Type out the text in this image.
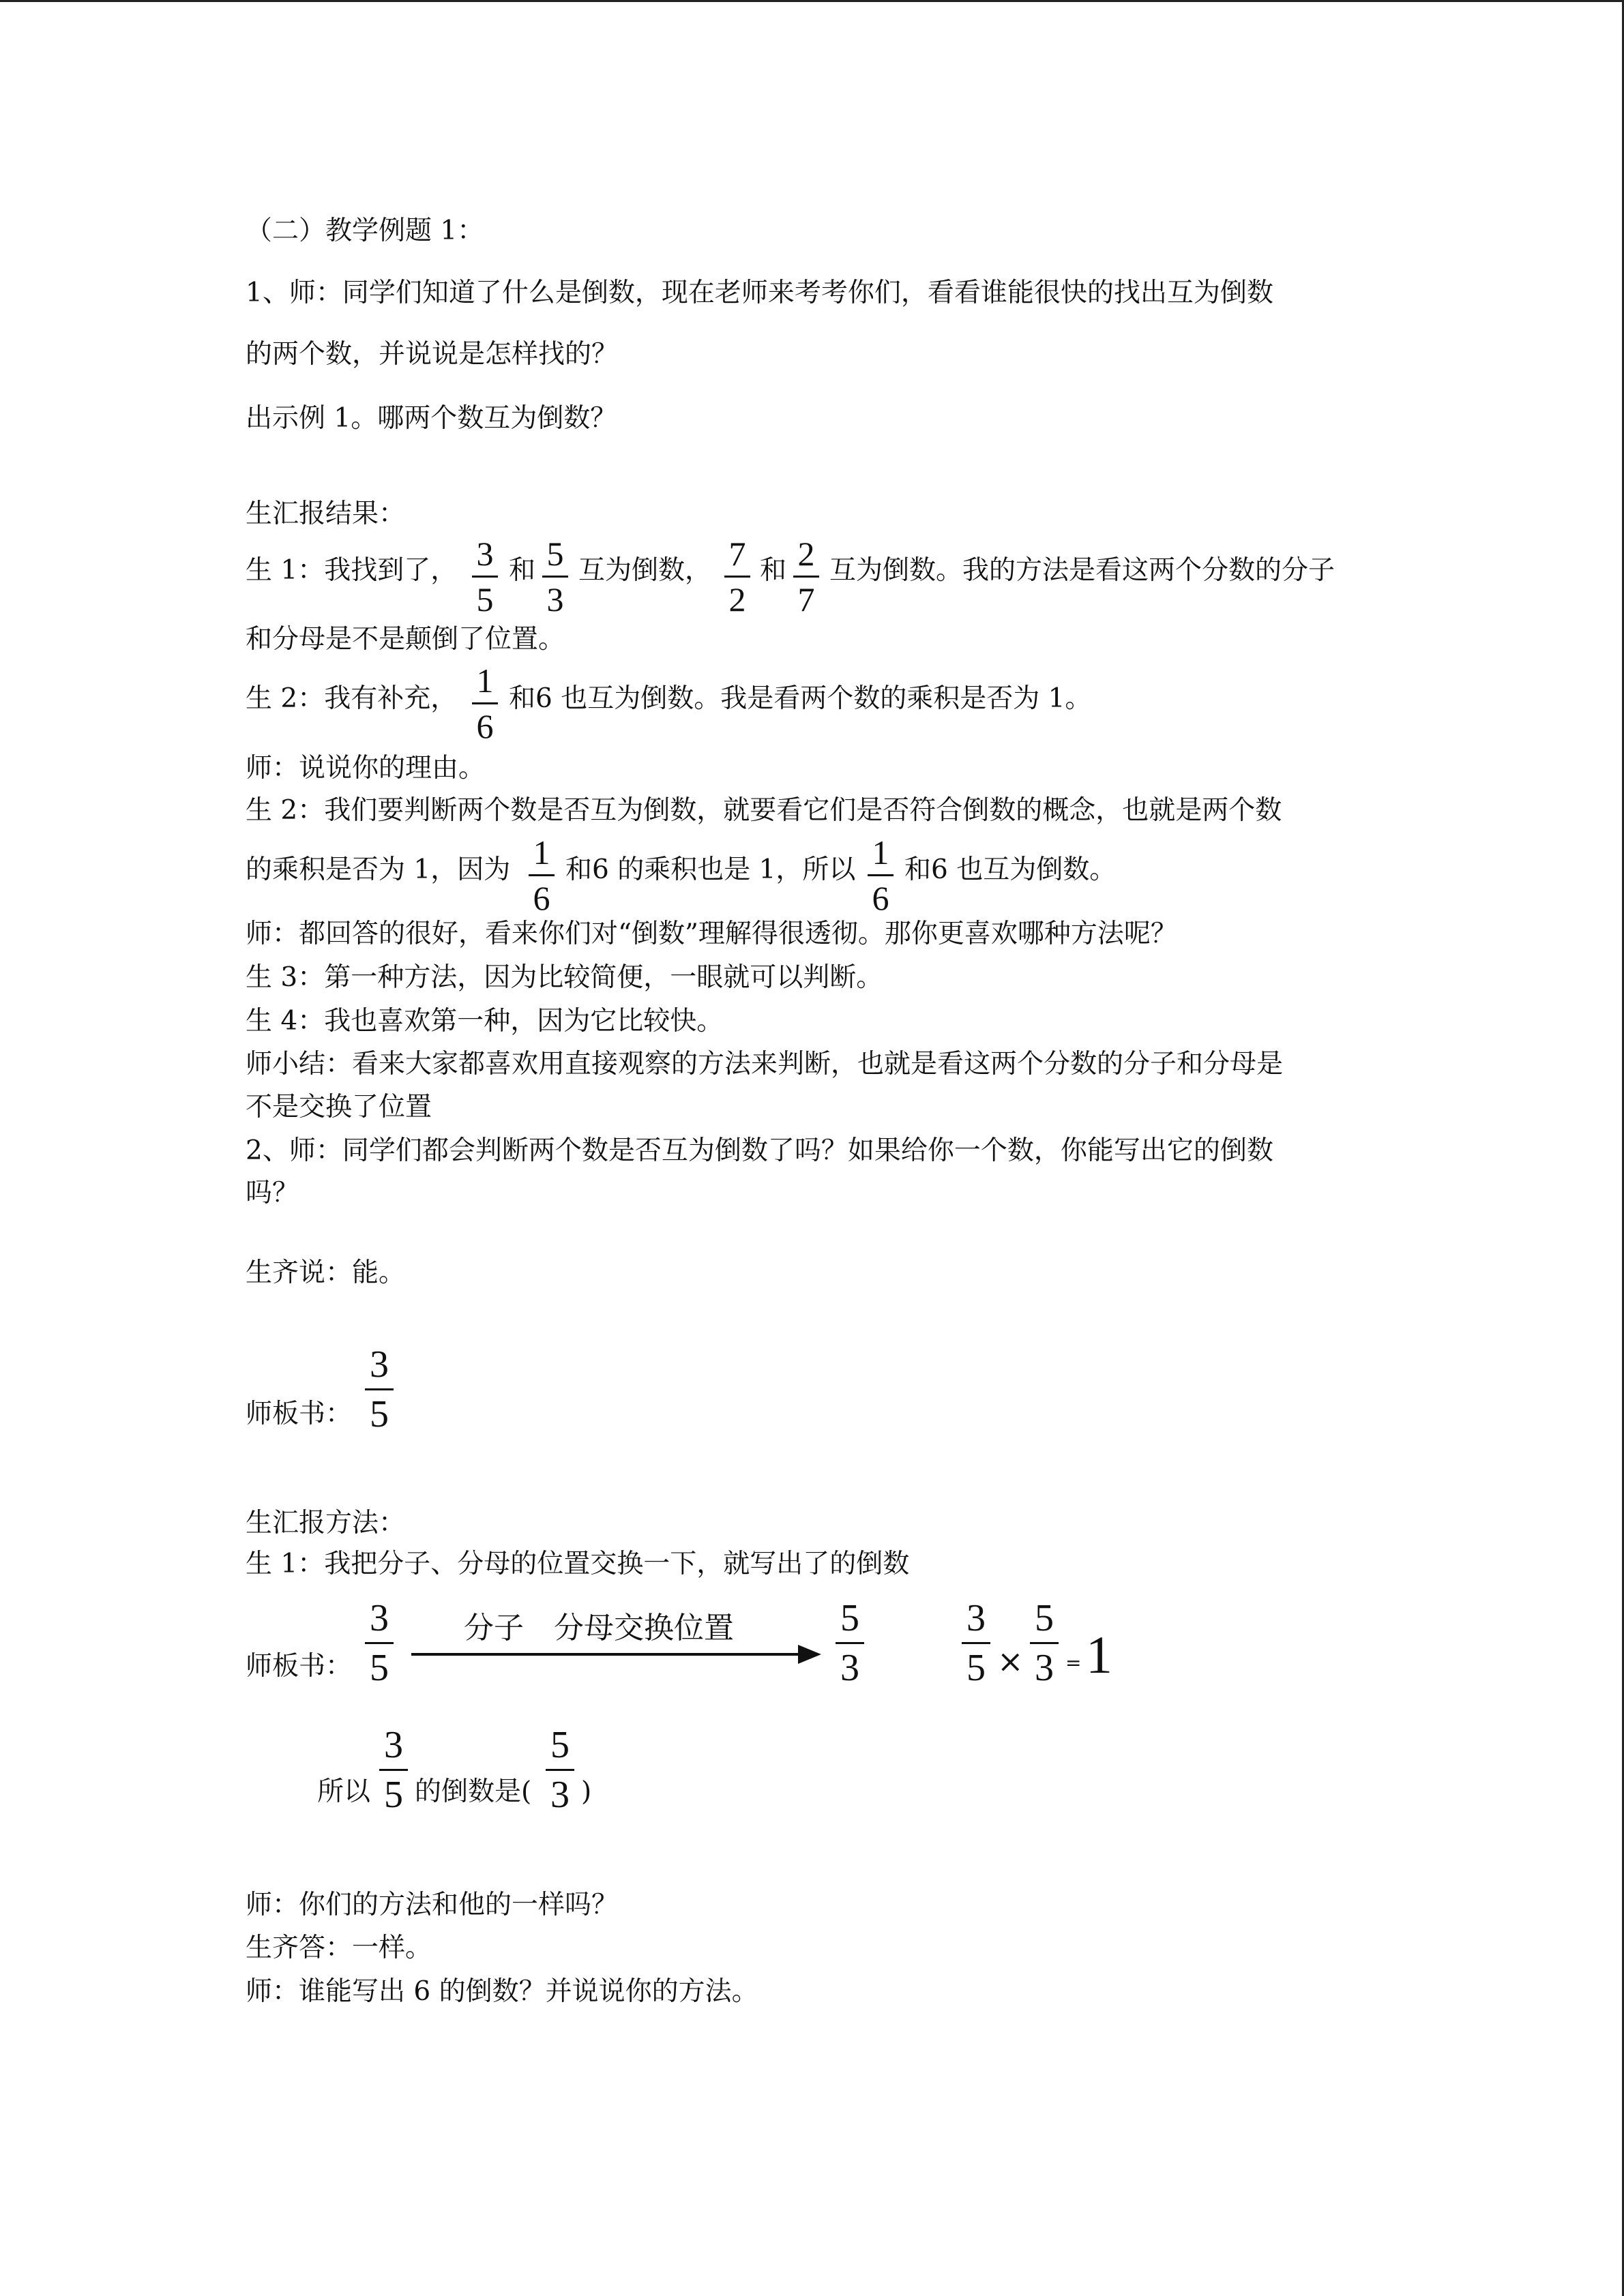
（二）教学例题 1：
1、师：同学们知道了什么是倒数，现在老师来考考你们，看看谁能很快的找出互为倒数
的两个数，并说说是怎样找的？
出示例 1。哪两个数互为倒数？
生汇报结果：
生 1：我找到了， 3
5
和 5
3
互为倒数， 7
2
和 2
7
互为倒数。我的方法是看这两个分数的分子
和分母是不是颠倒了位置。
生 2：我有补充， 1
6
和6 也互为倒数。我是看两个数的乘积是否为 1。
师：说说你的理由。
生 2：我们要判断两个数是否互为倒数，就要看它们是否符合倒数的概念，也就是两个数
的乘积是否为 1，因为 1
6
和6 的乘积也是 1，所以 1
6
和6 也互为倒数。
师：都回答的很好，看来你们对“倒数”理解得很透彻。那你更喜欢哪种方法呢？
生 3：第一种方法，因为比较简便，一眼就可以判断。
生 4：我也喜欢第一种，因为它比较快。
师小结：看来大家都喜欢用直接观察的方法来判断，也就是看这两个分数的分子和分母是
不是交换了位置
2、师：同学们都会判断两个数是否互为倒数了吗？如果给你一个数，你能写出它的倒数
吗？
生齐说：能。
师板书：
3
5
生汇报方法：
生 1：我把分子、分母的位置交换一下，就写出了的倒数
师板书：
3
5
分子　分母交换位置	5
3
3
5 ×
5
3 = 1
所以
3
5 的倒数是(
5
3 )
师：你们的方法和他的一样吗？
生齐答：一样。
师：谁能写出 6 的倒数？并说说你的方法。
